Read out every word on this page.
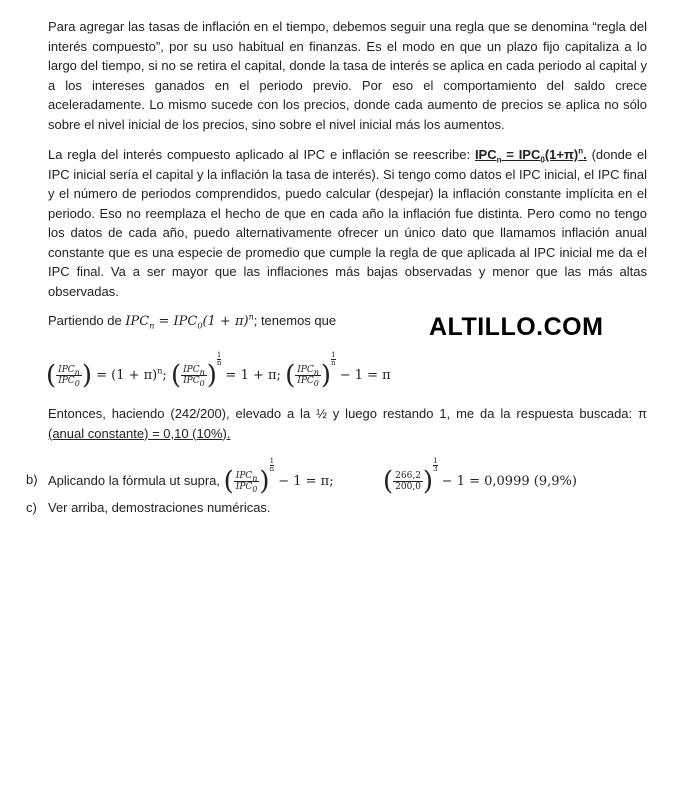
Para agregar las tasas de inflación en el tiempo, debemos seguir una regla que se denomina “regla del interés compuesto”, por su uso habitual en finanzas. Es el modo en que un plazo fijo capitaliza a lo largo del tiempo, si no se retira el capital, donde la tasa de interés se aplica en cada periodo al capital y a los intereses ganados en el periodo previo. Por eso el comportamiento del saldo crece aceleradamente. Lo mismo sucede con los precios, donde cada aumento de precios se aplica no sólo sobre el nivel inicial de los precios, sino sobre el nivel inicial más los aumentos.

La regla del interés compuesto aplicado al IPC e inflación se reescribe: $IPC_n = IPC_0(1+\pi)^n$. (donde el IPC inicial sería el capital y la inflación la tasa de interés). Si tengo como datos el IPC inicial, el IPC final y el número de periodos comprendidos, puedo calcular (despejar) la inflación constante implícita en el periodo. Eso no reemplaza el hecho de que en cada año la inflación fue distinta. Pero como no tengo los datos de cada año, puedo alternativamente ofrecer un único dato que llamamos inflación anual constante que es una especie de promedio que cumple la regla de que aplicada al IPC inicial me da el IPC final. Va a ser mayor que las inflaciones más bajas observadas y menor que las más altas observadas.

Partiendo de $IPC_n = IPC_0(1 + \pi)^n$; tenemos que	ALTILLO.COM
( $\frac{IPC_n}{IPC_0}$ ) = $(1 + \pi)^n$; ( $\frac{IPC_n}{IPC_0}$ )
$\frac{1}{n}$
= 1 + π; ( $\frac{IPC_n}{IPC_0}$ )
$\frac{1}{n}$
− 1 = π

Entonces, haciendo (242/200), elevado a la ½ y luego restando 1, me da la respuesta buscada: π (anual constante) = 0,10 (10%).

b) Aplicando la fórmula ut supra, ( $\frac{IPC_n}{IPC_0}$ )
$\frac{1}{n}$
− 1 = π; ( $\frac{266,2}{200,0}$ )
$\frac{1}{3}$
− 1 = 0,0999 (9,9%)
c) Ver arriba, demostraciones numéricas.
